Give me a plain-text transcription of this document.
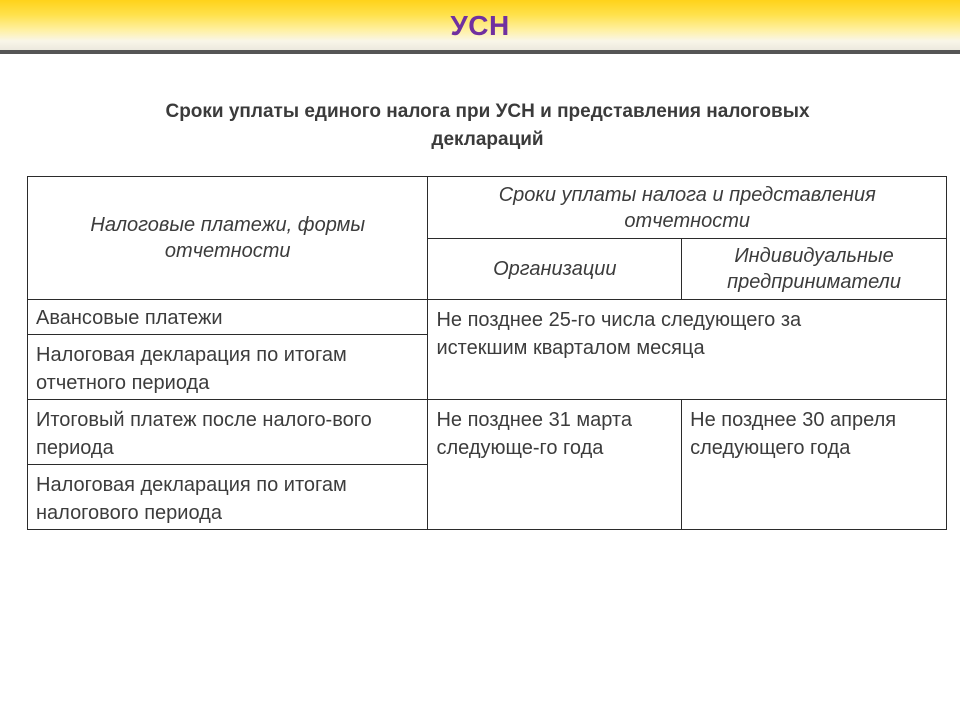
УСН
Сроки уплаты единого налога при УСН и представления налоговых
деклараций
Налоговые платежи, формы отчетности	Сроки уплаты налога и представления отчетности	
	Организации	Индивидуальные предприниматели
Авансовые платежи	Не позднее 25-го числа следующего за истекшим кварталом месяца	
Налоговая декларация по итогам отчетного периода		
Итоговый платеж после налого-вого периода	Не позднее 31 марта следующе-го года	Не позднее 30 апреля следующего года
Налоговая декларация по итогам налогового периода		
